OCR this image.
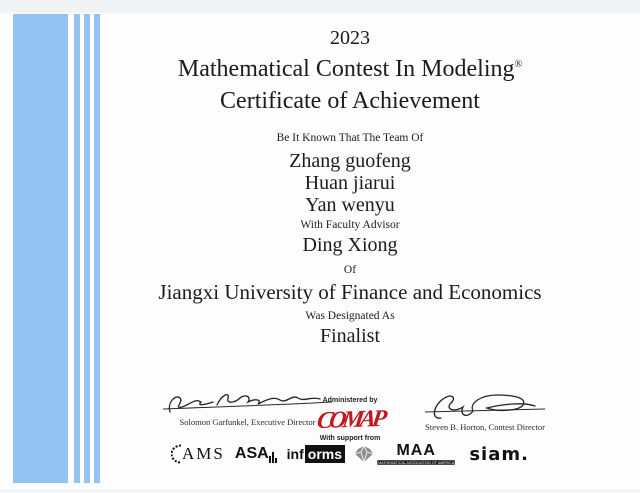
2023
Mathematical Contest In Modeling®
Certificate of Achievement
Be It Known That The Team Of
Zhang guofeng
Huan jiarui
Yan wenyu
With Faculty Advisor
Ding Xiong
Of
Jiangxi University of Finance and Economics
Was Designated As
Finalist
Solomon Garfunkel, Executive Director
Administered by
COMAP
With support from
Steven B. Horton, Contest Director
AMS ASA inf orms	MAA
MATHEMATICAL ASSOCIATION OF AMERICA siam.
